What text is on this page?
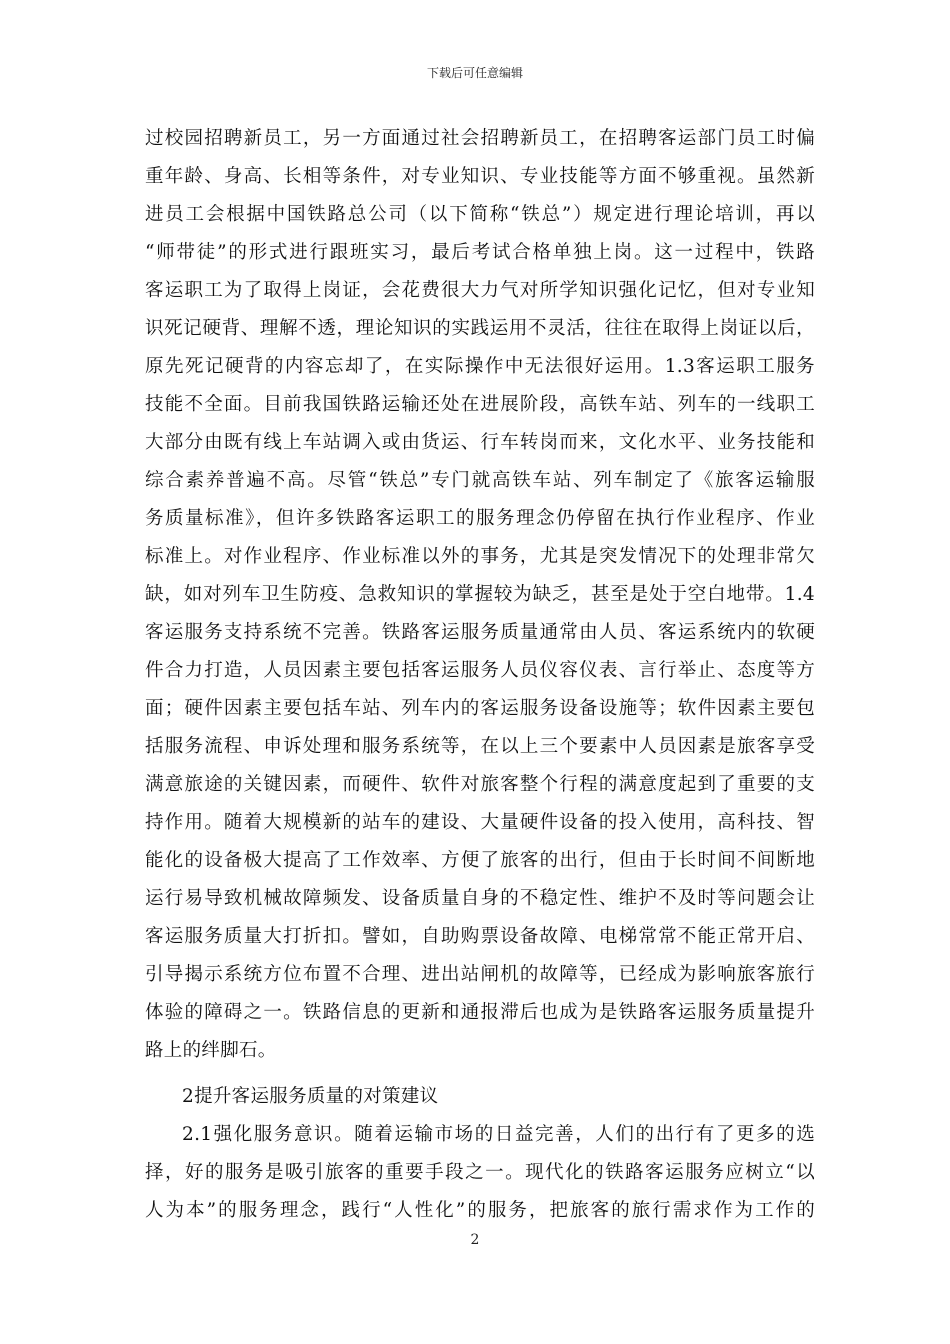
下载后可任意编辑
过校园招聘新员工，另一方面通过社会招聘新员工，在招聘客运部门员工时偏
重年龄、身高、长相等条件，对专业知识、专业技能等方面不够重视。虽然新
进员工会根据中国铁路总公司（以下简称“铁总”）规定进行理论培训，再以
“师带徒”的形式进行跟班实习，最后考试合格单独上岗。这一过程中，铁路
客运职工为了取得上岗证，会花费很大力气对所学知识强化记忆，但对专业知
识死记硬背、理解不透，理论知识的实践运用不灵活，往往在取得上岗证以后，
原先死记硬背的内容忘却了，在实际操作中无法很好运用。1.3客运职工服务
技能不全面。目前我国铁路运输还处在进展阶段，高铁车站、列车的一线职工
大部分由既有线上车站调入或由货运、行车转岗而来，文化水平、业务技能和
综合素养普遍不高。尽管“铁总”专门就高铁车站、列车制定了《旅客运输服
务质量标准》，但许多铁路客运职工的服务理念仍停留在执行作业程序、作业
标准上。对作业程序、作业标准以外的事务，尤其是突发情况下的处理非常欠
缺，如对列车卫生防疫、急救知识的掌握较为缺乏，甚至是处于空白地带。1.4
客运服务支持系统不完善。铁路客运服务质量通常由人员、客运系统内的软硬
件合力打造，人员因素主要包括客运服务人员仪容仪表、言行举止、态度等方
面；硬件因素主要包括车站、列车内的客运服务设备设施等；软件因素主要包
括服务流程、申诉处理和服务系统等，在以上三个要素中人员因素是旅客享受
满意旅途的关键因素，而硬件、软件对旅客整个行程的满意度起到了重要的支
持作用。随着大规模新的站车的建设、大量硬件设备的投入使用，高科技、智
能化的设备极大提高了工作效率、方便了旅客的出行，但由于长时间不间断地
运行易导致机械故障频发、设备质量自身的不稳定性、维护不及时等问题会让
客运服务质量大打折扣。譬如，自助购票设备故障、电梯常常不能正常开启、
引导揭示系统方位布置不合理、进出站闸机的故障等，已经成为影响旅客旅行
体验的障碍之一。铁路信息的更新和通报滞后也成为是铁路客运服务质量提升
路上的绊脚石。
2提升客运服务质量的对策建议
2.1强化服务意识。随着运输市场的日益完善，人们的出行有了更多的选
择，好的服务是吸引旅客的重要手段之一。现代化的铁路客运服务应树立“以
人为本”的服务理念，践行“人性化”的服务，把旅客的旅行需求作为工作的
2
